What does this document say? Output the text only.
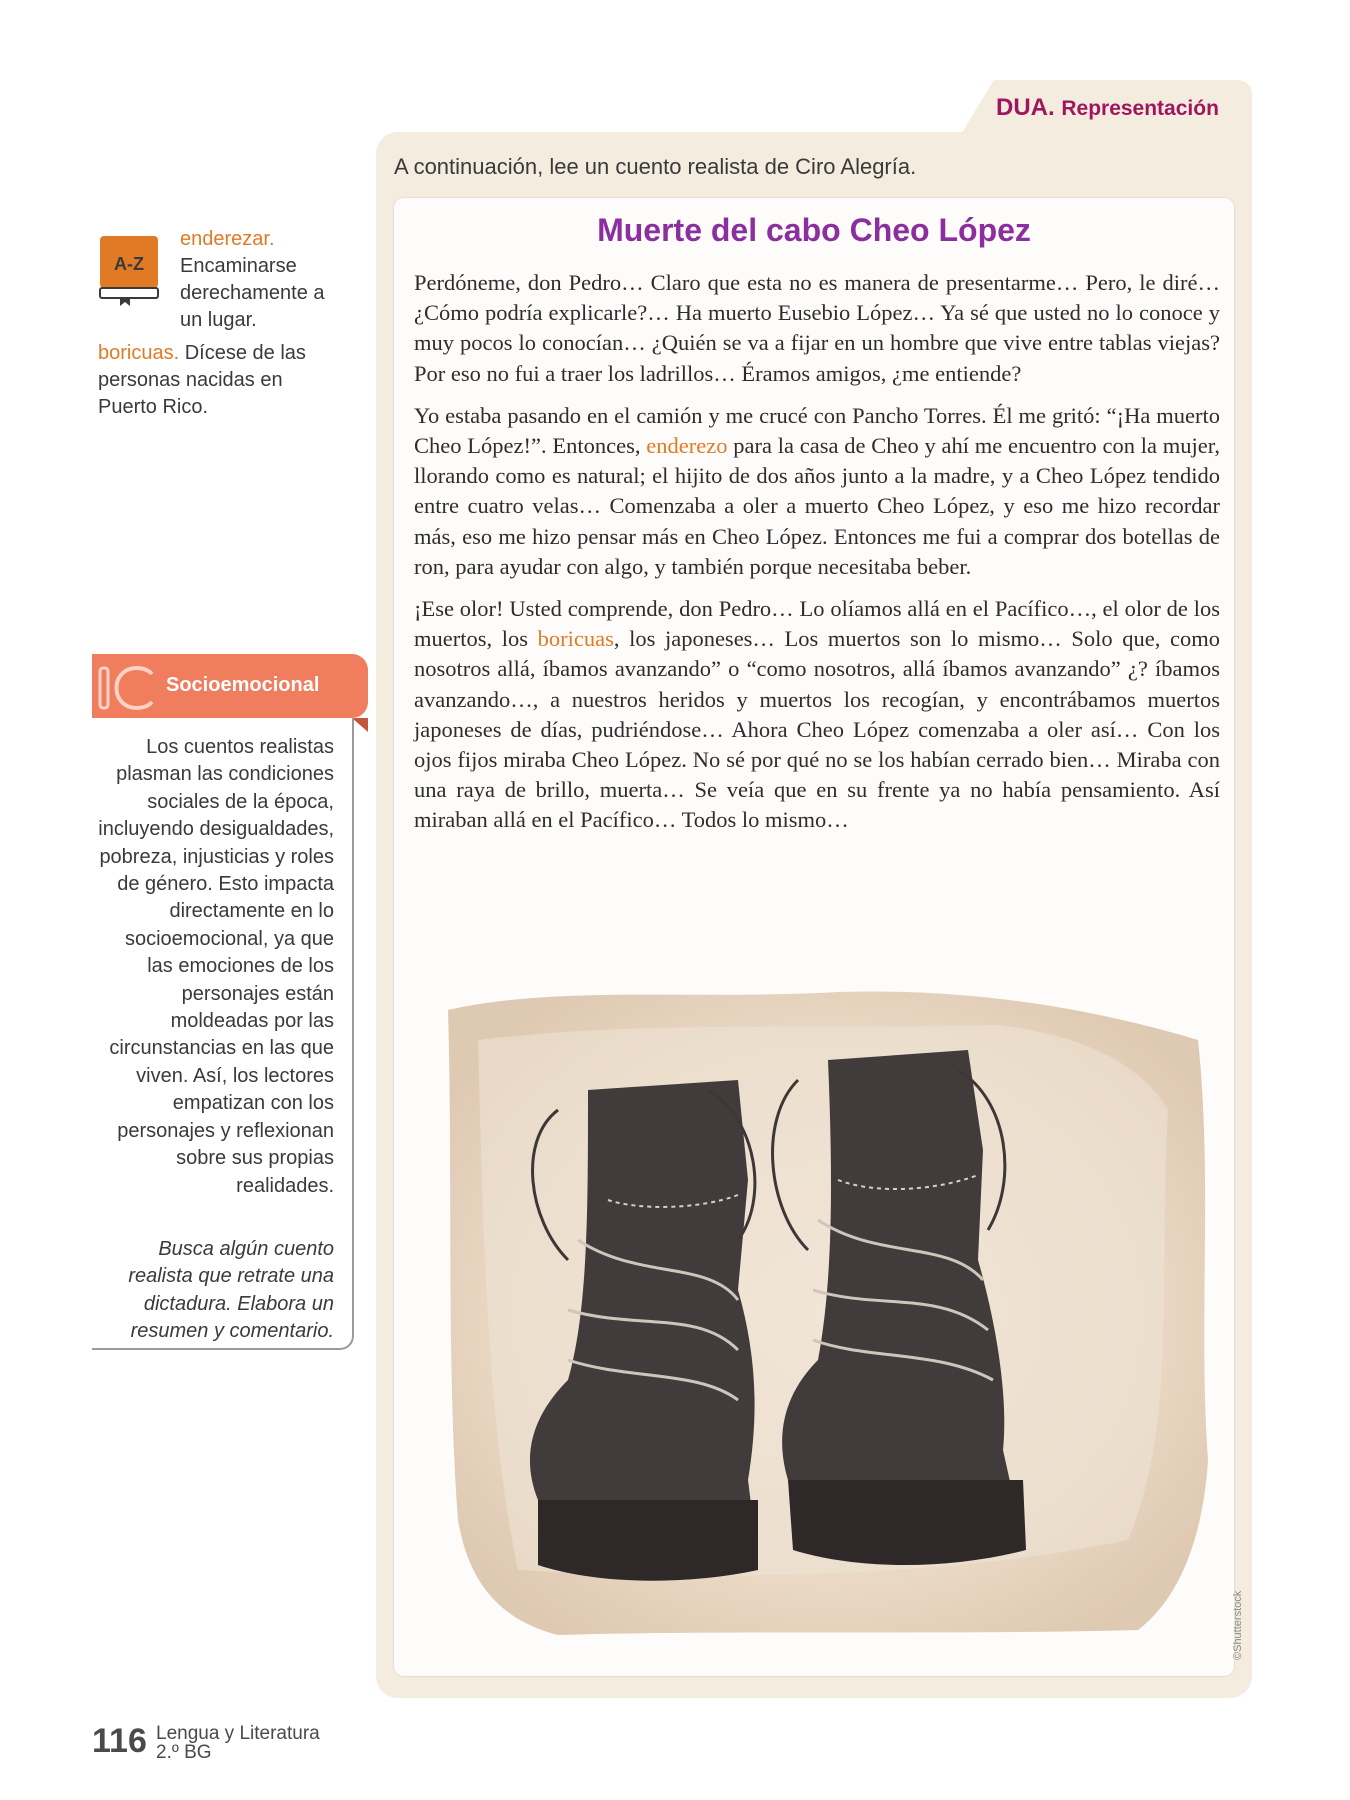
DUA. Representación
A continuación, lee un cuento realista de Ciro Alegría.
Muerte del cabo Cheo López

Perdóneme, don Pedro… Claro que esta no es manera de presentarme… Pero, le diré… ¿Cómo podría explicarle?… Ha muerto Eusebio López… Ya sé que usted no lo conoce y muy pocos lo conocían… ¿Quién se va a fijar en un hombre que vive entre tablas viejas? Por eso no fui a traer los ladrillos… Éramos amigos, ¿me entiende?

Yo estaba pasando en el camión y me crucé con Pancho Torres. Él me gritó: “¡Ha muerto Cheo López!”. Entonces, enderezo para la casa de Cheo y ahí me encuentro con la mujer, llorando como es natural; el hijito de dos años junto a la madre, y a Cheo López tendido entre cuatro velas… Comenzaba a oler a muerto Cheo López, y eso me hizo recordar más, eso me hizo pensar más en Cheo López. Entonces me fui a comprar dos botellas de ron, para ayudar con algo, y también porque necesitaba beber.

¡Ese olor! Usted comprende, don Pedro… Lo olíamos allá en el Pacífico…, el olor de los muertos, los boricuas, los japoneses… Los muertos son lo mismo… Solo que, como nosotros allá, íbamos avanzando” o “como nosotros, allá íbamos avanzando” ¿? íbamos avanzando…, a nuestros heridos y muertos los recogían, y encontrábamos muertos japoneses de días, pudriéndose… Ahora Cheo López comenzaba a oler así… Con los ojos fijos miraba Cheo López. No sé por qué no se los habían cerrado bien… Miraba con una raya de brillo, muerta… Se veía que en su frente ya no había pensamiento. Así miraban allá en el Pacífico… Todos lo mismo…

©Shutterstock
A-Z
enderezar. Encaminarse derechamente a un lugar.
boricuas. Dícese de las personas nacidas en Puerto Rico.
Socioemocional
Los cuentos realistas plasman las condiciones sociales de la época, incluyendo desigualdades, pobreza, injusticias y roles de género. Esto impacta directamente en lo socioemocional, ya que las emociones de los personajes están moldeadas por las circunstancias en las que viven. Así, los lectores empatizan con los personajes y reflexionan sobre sus propias realidades.
Busca algún cuento realista que retrate una dictadura. Elabora un resumen y comentario.
116 Lengua y Literatura
2.º BG
